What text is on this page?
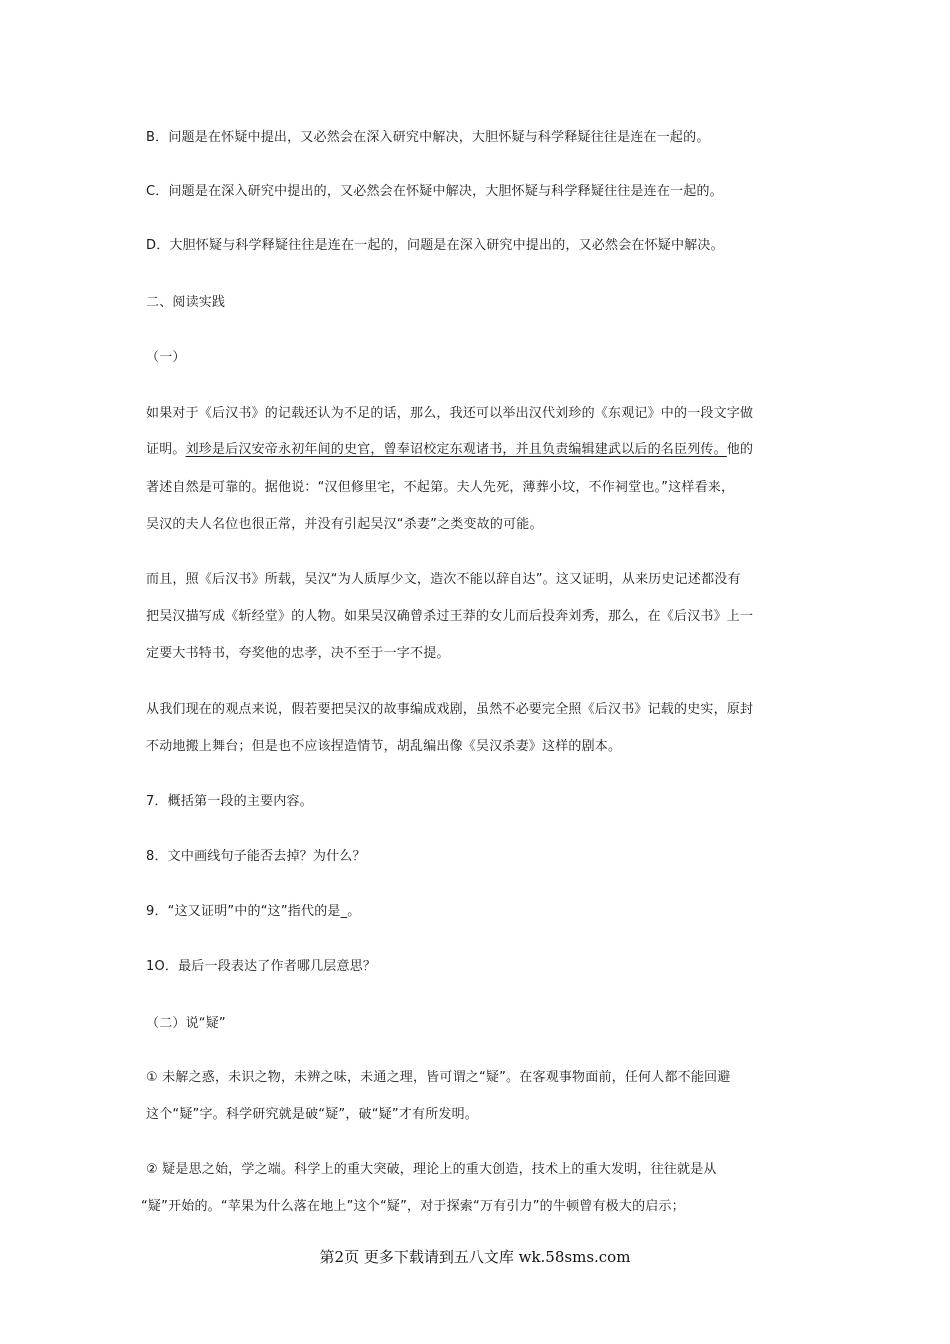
B．问题是在怀疑中提出，又必然会在深入研究中解决，大胆怀疑与科学释疑往往是连在一起的。
C．问题是在深入研究中提出的，又必然会在怀疑中解决，大胆怀疑与科学释疑往往是连在一起的。
D．大胆怀疑与科学释疑往往是连在一起的，问题是在深入研究中提出的，又必然会在怀疑中解决。
二、阅读实践
（一）
如果对于《后汉书》的记载还认为不足的话，那么，我还可以举出汉代刘珍的《东观记》中的一段文字做
证明。刘珍是后汉安帝永初年间的史官，曾奉诏校定东观诸书，并且负责编辑建武以后的名臣列传。他的
著述自然是可靠的。据他说：“汉但修里宅，不起第。夫人先死，薄葬小坟，不作祠堂也。”这样看来，
吴汉的夫人名位也很正常，并没有引起吴汉“杀妻”之类变故的可能。
而且，照《后汉书》所载，吴汉“为人质厚少文，造次不能以辞自达”。这又证明，从来历史记述都没有
把吴汉描写成《斩经堂》的人物。如果吴汉确曾杀过王莽的女儿而后投奔刘秀，那么，在《后汉书》上一
定要大书特书，夸奖他的忠孝，决不至于一字不提。
从我们现在的观点来说，假若要把吴汉的故事编成戏剧，虽然不必要完全照《后汉书》记载的史实，原封
不动地搬上舞台；但是也不应该捏造情节，胡乱编出像《吴汉杀妻》这样的剧本。
7．概括第一段的主要内容。
8．文中画线句子能否去掉？为什么？
9．“这又证明”中的“这”指代的是_。
1O．最后一段表达了作者哪几层意思？
（二）说“疑”
① 未解之惑，未识之物，未辨之味，未通之理，皆可谓之“疑”。在客观事物面前，任何人都不能回避
这个“疑”字。科学研究就是破“疑”，破“疑”才有所发明。
② 疑是思之始，学之端。科学上的重大突破，理论上的重大创造，技术上的重大发明，往往就是从
“疑”开始的。“苹果为什么落在地上”这个“疑”，对于探索“万有引力”的牛顿曾有极大的启示；
第2页 更多下载请到五八文库 wk.58sms.com
